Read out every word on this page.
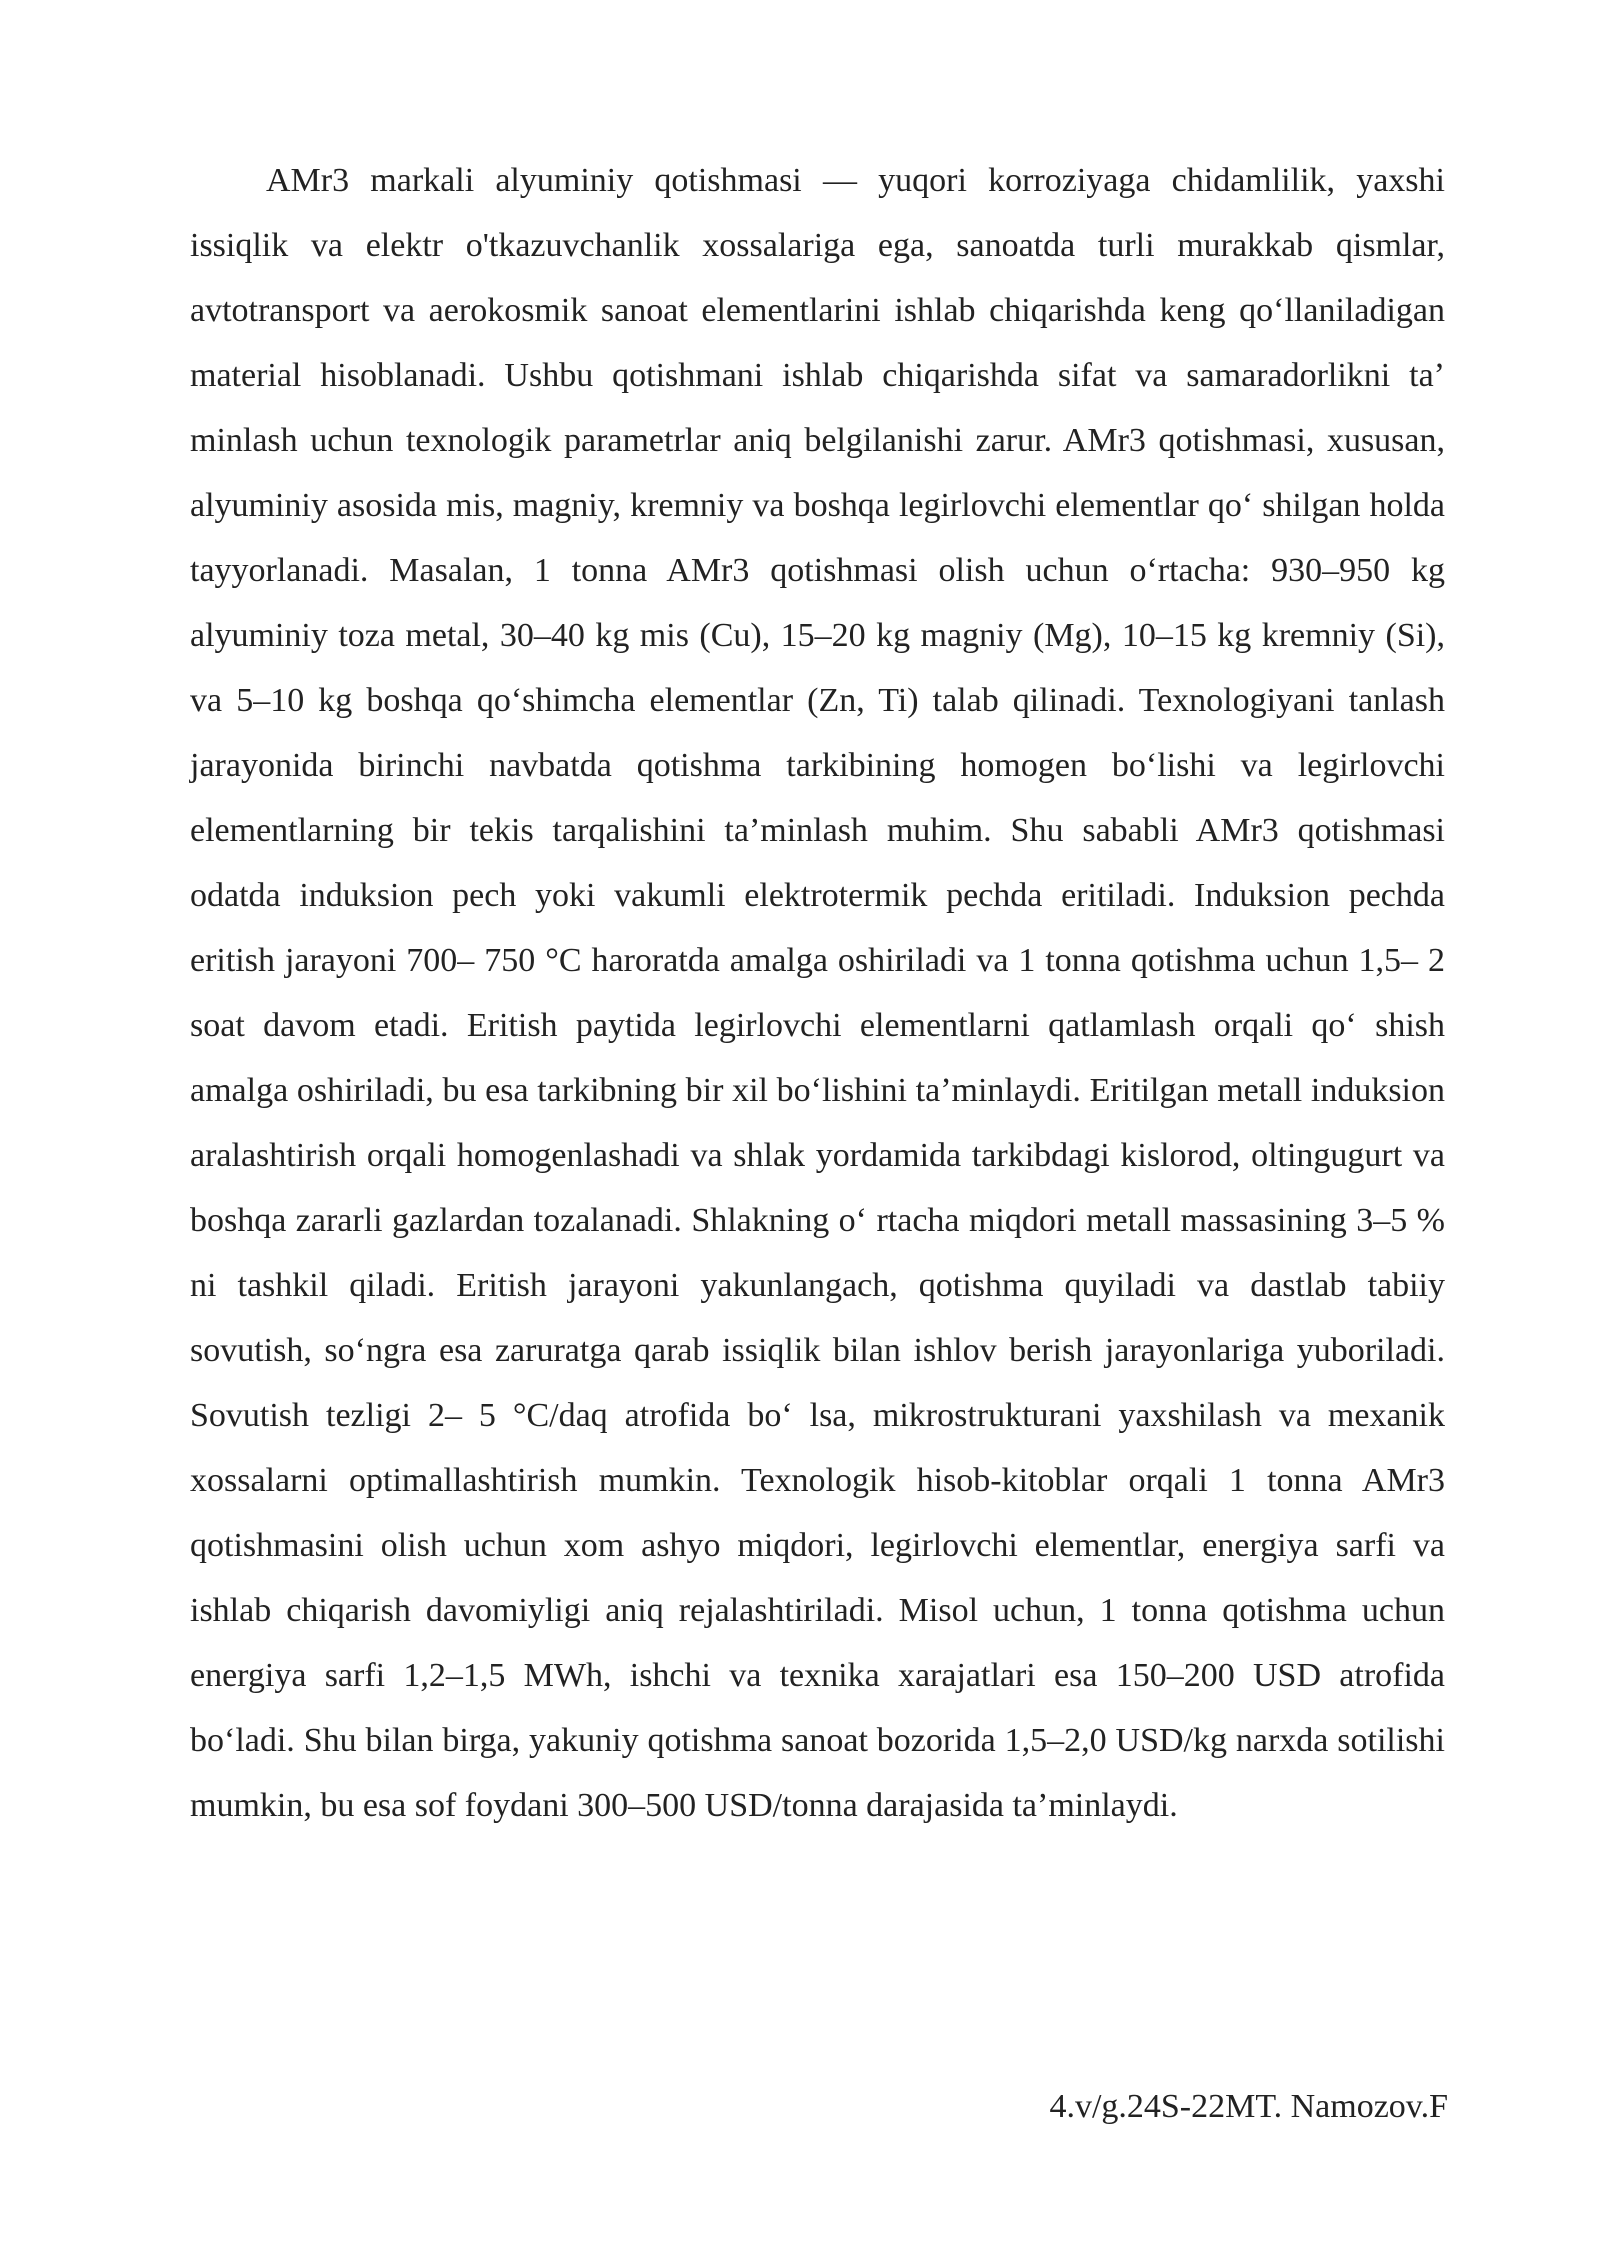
AMr3 markali alyuminiy qotishmasi — yuqori korroziyaga chidamlilik, yaxshi issiqlik va elektr o'tkazuvchanlik xossalariga ega, sanoatda turli murakkab qismlar, avtotransport va aerokosmik sanoat elementlarini ishlab chiqarishda keng qoʻllaniladigan material hisoblanadi. Ushbu qotishmani ishlab chiqarishda sifat va samaradorlikni taʼ minlash uchun texnologik parametrlar aniq belgilanishi zarur. AMr3 qotishmasi, xususan, alyuminiy asosida mis, magniy, kremniy va boshqa legirlovchi elementlar qoʻ shilgan holda tayyorlanadi. Masalan, 1 tonna AMr3 qotishmasi olish uchun oʻrtacha: 930–950 kg alyuminiy toza metal, 30–40 kg mis (Cu), 15–20 kg magniy (Mg), 10–15 kg kremniy (Si), va 5–10 kg boshqa qoʻshimcha elementlar (Zn, Ti) talab qilinadi. Texnologiyani tanlash jarayonida birinchi navbatda qotishma tarkibining homogen boʻlishi va legirlovchi elementlarning bir tekis tarqalishini ta’minlash muhim. Shu sababli AMr3 qotishmasi odatda induksion pech yoki vakumli elektrotermik pechda eritiladi. Induksion pechda eritish jarayoni 700– 750 °C haroratda amalga oshiriladi va 1 tonna qotishma uchun 1,5– 2 soat davom etadi. Eritish paytida legirlovchi elementlarni qatlamlash orqali qoʻ shish amalga oshiriladi, bu esa tarkibning bir xil boʻlishini taʼminlaydi. Eritilgan metall induksion aralashtirish orqali homogenlashadi va shlak yordamida tarkibdagi kislorod, oltingugurt va boshqa zararli gazlardan tozalanadi. Shlakning oʻ rtacha miqdori metall massasining 3–5 % ni tashkil qiladi. Eritish jarayoni yakunlangach, qotishma quyiladi va dastlab tabiiy sovutish, soʻngra esa zaruratga qarab issiqlik bilan ishlov berish jarayonlariga yuboriladi. Sovutish tezligi 2– 5 °C/daq atrofida boʻ lsa, mikrostrukturani yaxshilash va mexanik xossalarni optimallashtirish mumkin. Texnologik hisob-kitoblar orqali 1 tonna AMr3 qotishmasini olish uchun xom ashyo miqdori, legirlovchi elementlar, energiya sarfi va ishlab chiqarish davomiyligi aniq rejalashtiriladi. Misol uchun, 1 tonna qotishma uchun energiya sarfi 1,2–1,5 MWh, ishchi va texnika xarajatlari esa 150–200 USD atrofida boʻladi. Shu bilan birga, yakuniy qotishma sanoat bozorida 1,5–2,0 USD/kg narxda sotilishi mumkin, bu esa sof foydani 300–500 USD/tonna darajasida ta’minlaydi.

4.v/g.24S-22MT. Namozov.F
